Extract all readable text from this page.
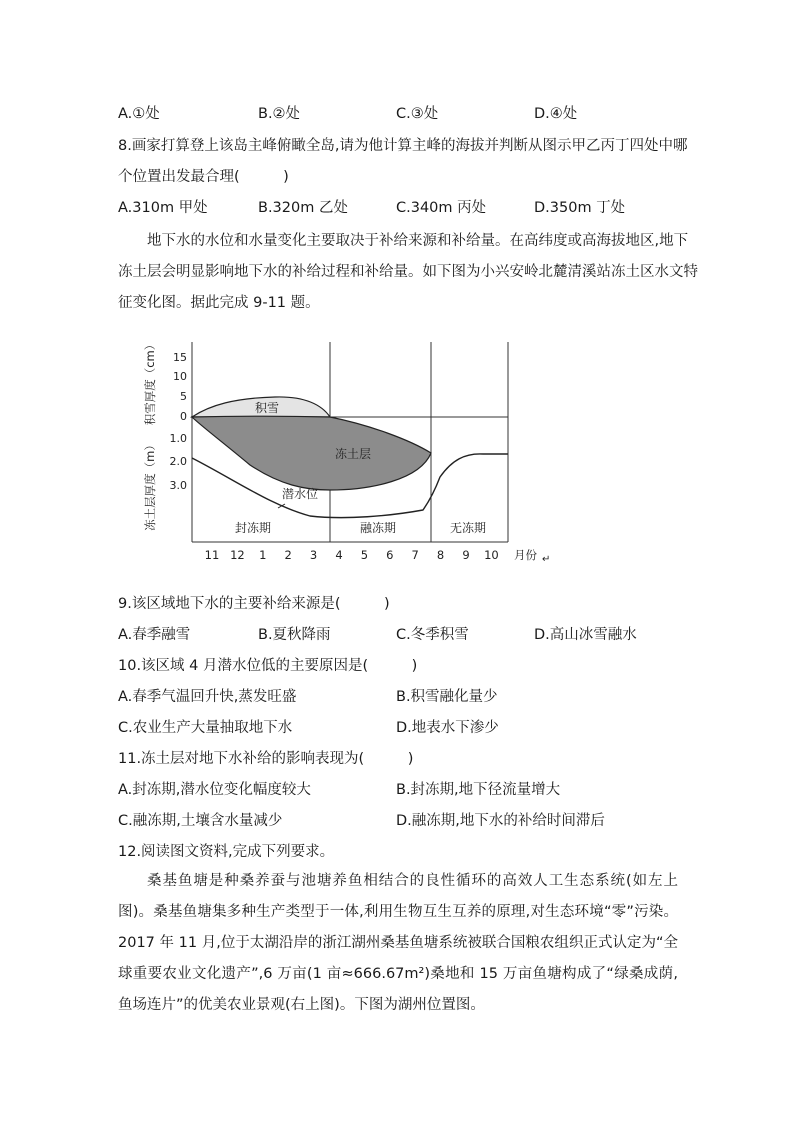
A.①处	B.②处	C.③处	D.④处
8.画家打算登上该岛主峰俯瞰全岛,请为他计算主峰的海拔并判断从图示甲乙丙丁四处中哪
个位置出发最合理(　　　)
A.310m 甲处	B.320m 乙处	C.340m 丙处	D.350m 丁处
地下水的水位和水量变化主要取决于补给来源和补给量。在高纬度或高海拔地区,地下
冻土层会明显影响地下水的补给过程和补给量。如下图为小兴安岭北麓清溪站冻土区水文特
征变化图。据此完成 9-11 题。
积雪
冻土层
潜水位
封冻期	融冻期	无冻期
15
10
5
0
1.0
2.0
3.0
积雪厚度（cm）
冻土层厚度（m）
11 12 1 2 3 4 5 6 7 8 9 10 月份 ↵
9.该区域地下水的主要补给来源是(　　　)
A.春季融雪	B.夏秋降雨	C.冬季积雪	D.高山冰雪融水
10.该区域 4 月潜水位低的主要原因是(　　　)
A.春季气温回升快,蒸发旺盛	B.积雪融化量少
C.农业生产大量抽取地下水	D.地表水下渗少
11.冻土层对地下水补给的影响表现为(　　　)
A.封冻期,潜水位变化幅度较大	B.封冻期,地下径流量增大
C.融冻期,土壤含水量减少	D.融冻期,地下水的补给时间滞后
12.阅读图文资料,完成下列要求。
桑基鱼塘是种桑养蚕与池塘养鱼相结合的良性循环的高效人工生态系统(如左上图)。桑基鱼塘集多种生产类型于一体,利用生物互生互养的原理,对生态环境“零”污染。2017 年 11 月,位于太湖沿岸的浙江湖州桑基鱼塘系统被联合国粮农组织正式认定为“全球重要农业文化遗产”,6 万亩(1 亩≈666.67m²)桑地和 15 万亩鱼塘构成了“绿桑成荫,鱼场连片”的优美农业景观(右上图)。下图为湖州位置图。
